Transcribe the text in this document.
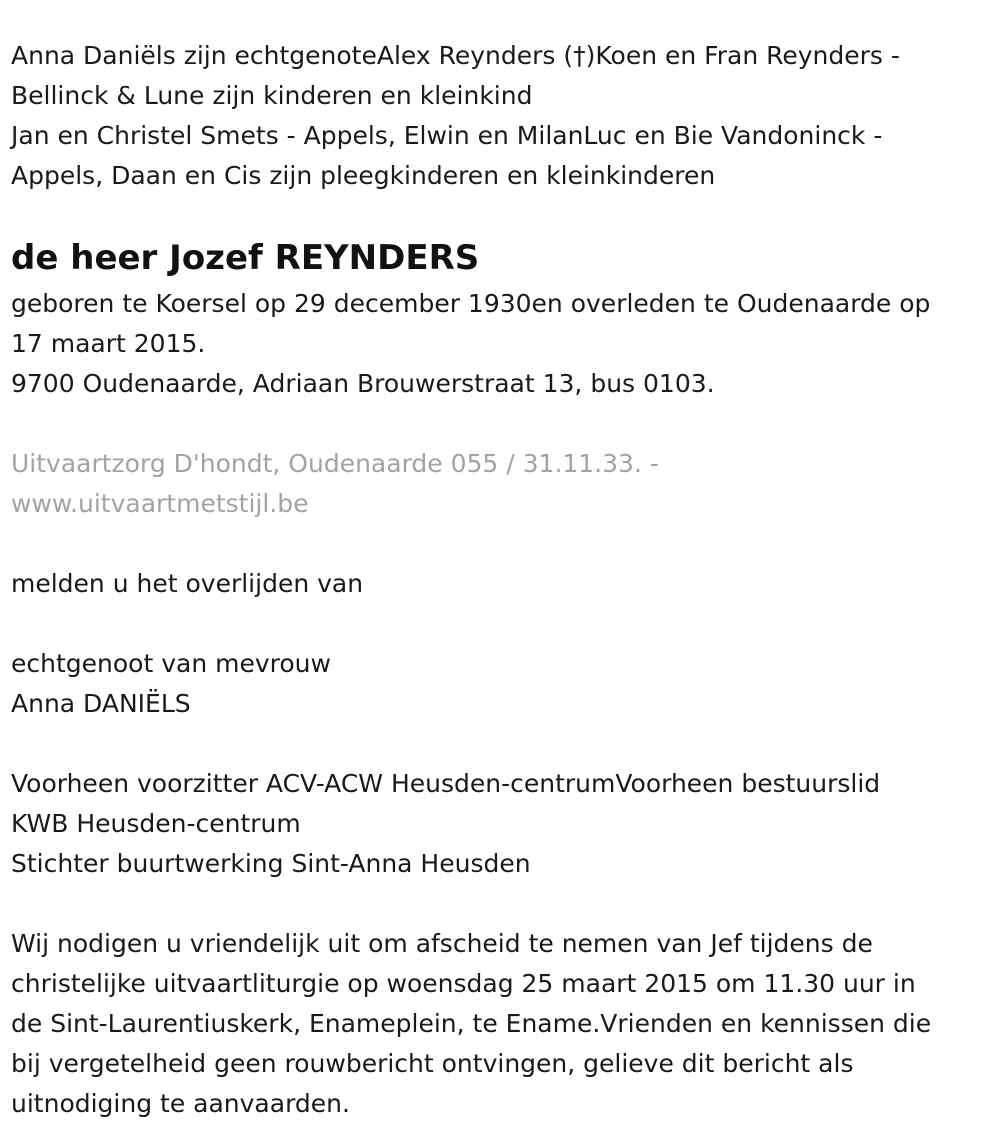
Anna Daniëls zijn echtgenoteAlex Reynders (†)Koen en Fran Reynders -
Bellinck & Lune zijn kinderen en kleinkind
Jan en Christel Smets - Appels, Elwin en MilanLuc en Bie Vandoninck -
Appels, Daan en Cis zijn pleegkinderen en kleinkinderen
de heer Jozef REYNDERS
geboren te Koersel op 29 december 1930en overleden te Oudenaarde op
17 maart 2015.
9700 Oudenaarde, Adriaan Brouwerstraat 13, bus 0103.
Uitvaartzorg D'hondt, Oudenaarde 055 / 31.11.33. -
www.uitvaartmetstijl.be
melden u het overlijden van
echtgenoot van mevrouw
Anna DANIËLS
Voorheen voorzitter ACV-ACW Heusden-centrumVoorheen bestuurslid
KWB Heusden-centrum
Stichter buurtwerking Sint-Anna Heusden
Wij nodigen u vriendelijk uit om afscheid te nemen van Jef tijdens de
christelijke uitvaartliturgie op woensdag 25 maart 2015 om 11.30 uur in
de Sint-Laurentiuskerk, Enameplein, te Ename.Vrienden en kennissen die
bij vergetelheid geen rouwbericht ontvingen, gelieve dit bericht als
uitnodiging te aanvaarden.
